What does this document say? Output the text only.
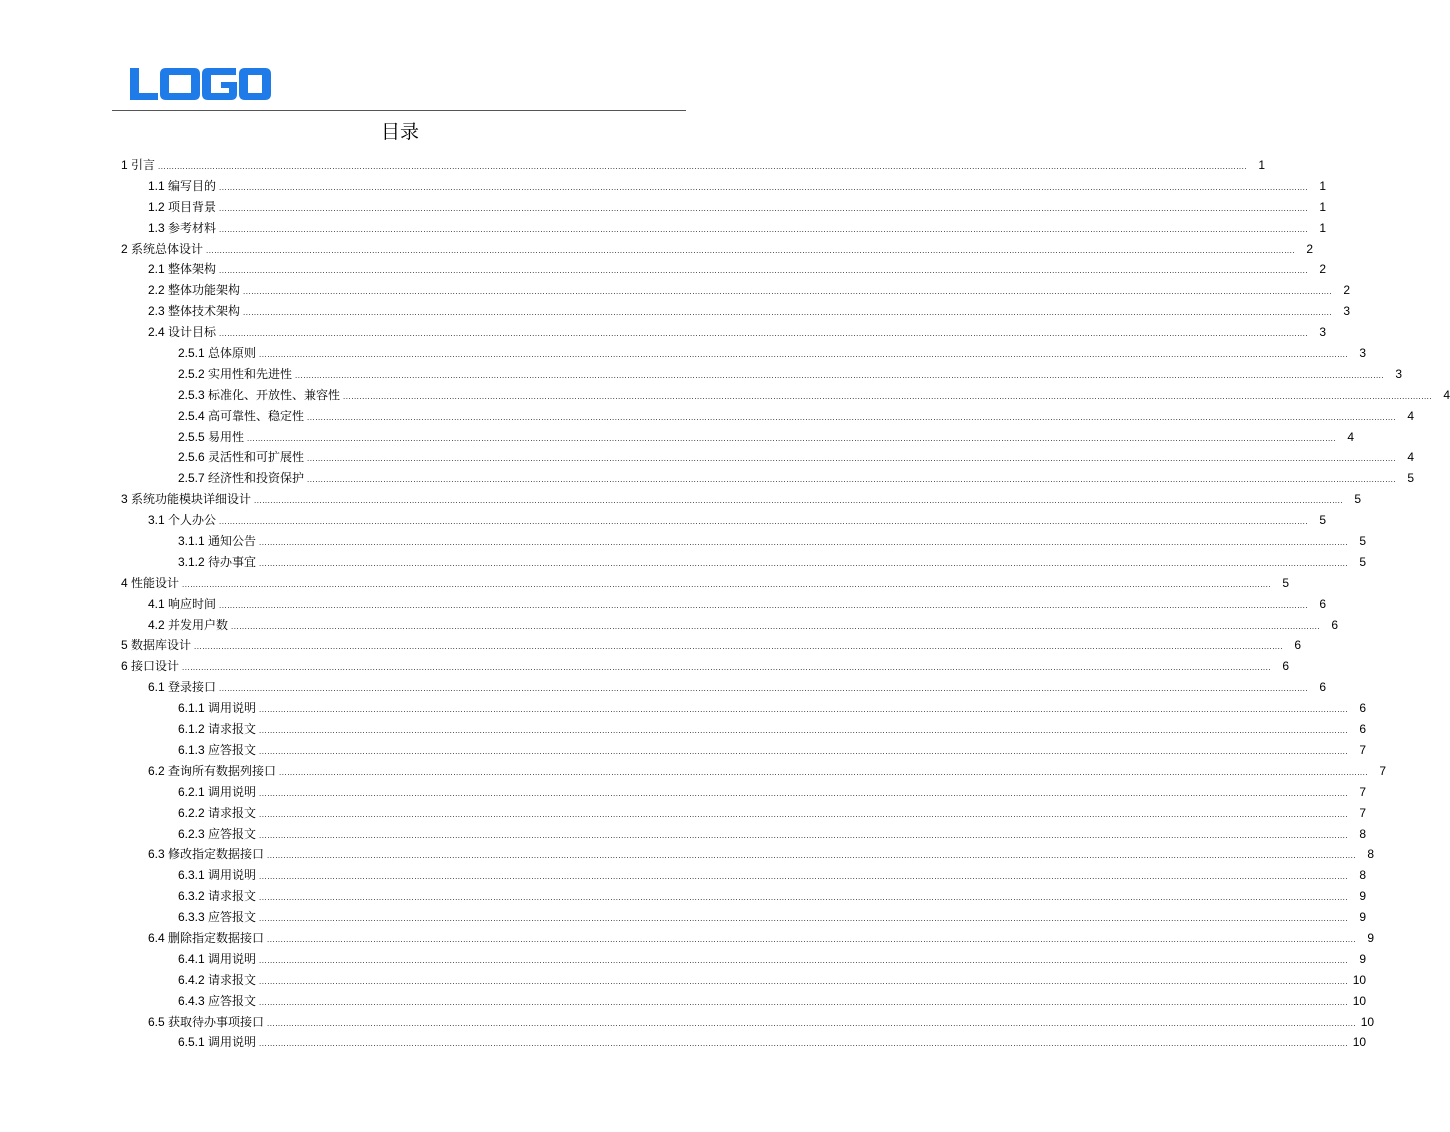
目录
1 引言 ................................................................................................................................................................................................................................................................................................................................................................................................................ 1
1.1 编写目的 ................................................................................................................................................................................................................................................................................................................................................................................................................ 1
1.2 项目背景 ................................................................................................................................................................................................................................................................................................................................................................................................................ 1
1.3 参考材料 ................................................................................................................................................................................................................................................................................................................................................................................................................ 1
2 系统总体设计 ................................................................................................................................................................................................................................................................................................................................................................................................................ 2
2.1 整体架构 ................................................................................................................................................................................................................................................................................................................................................................................................................ 2
2.2 整体功能架构 ................................................................................................................................................................................................................................................................................................................................................................................................................ 2
2.3 整体技术架构 ................................................................................................................................................................................................................................................................................................................................................................................................................ 3
2.4 设计目标 ................................................................................................................................................................................................................................................................................................................................................................................................................ 3
2.5.1 总体原则 ................................................................................................................................................................................................................................................................................................................................................................................................................ 3
2.5.2 实用性和先进性 ................................................................................................................................................................................................................................................................................................................................................................................................................ 3
2.5.3 标准化、开放性、兼容性 ................................................................................................................................................................................................................................................................................................................................................................................................................ 4
2.5.4 高可靠性、稳定性 ................................................................................................................................................................................................................................................................................................................................................................................................................ 4
2.5.5 易用性 ................................................................................................................................................................................................................................................................................................................................................................................................................ 4
2.5.6 灵活性和可扩展性 ................................................................................................................................................................................................................................................................................................................................................................................................................ 4
2.5.7 经济性和投资保护 ................................................................................................................................................................................................................................................................................................................................................................................................................ 5
3 系统功能模块详细设计 ................................................................................................................................................................................................................................................................................................................................................................................................................ 5
3.1 个人办公 ................................................................................................................................................................................................................................................................................................................................................................................................................ 5
3.1.1 通知公告 ................................................................................................................................................................................................................................................................................................................................................................................................................ 5
3.1.2 待办事宜 ................................................................................................................................................................................................................................................................................................................................................................................................................ 5
4 性能设计 ................................................................................................................................................................................................................................................................................................................................................................................................................ 5
4.1 响应时间 ................................................................................................................................................................................................................................................................................................................................................................................................................ 6
4.2 并发用户数 ................................................................................................................................................................................................................................................................................................................................................................................................................ 6
5 数据库设计 ................................................................................................................................................................................................................................................................................................................................................................................................................ 6
6 接口设计 ................................................................................................................................................................................................................................................................................................................................................................................................................ 6
6.1 登录接口 ................................................................................................................................................................................................................................................................................................................................................................................................................ 6
6.1.1 调用说明 ................................................................................................................................................................................................................................................................................................................................................................................................................ 6
6.1.2 请求报文 ................................................................................................................................................................................................................................................................................................................................................................................................................ 6
6.1.3 应答报文 ................................................................................................................................................................................................................................................................................................................................................................................................................ 7
6.2 查询所有数据列接口 ................................................................................................................................................................................................................................................................................................................................................................................................................ 7
6.2.1 调用说明 ................................................................................................................................................................................................................................................................................................................................................................................................................ 7
6.2.2 请求报文 ................................................................................................................................................................................................................................................................................................................................................................................................................ 7
6.2.3 应答报文 ................................................................................................................................................................................................................................................................................................................................................................................................................ 8
6.3 修改指定数据接口 ................................................................................................................................................................................................................................................................................................................................................................................................................ 8
6.3.1 调用说明 ................................................................................................................................................................................................................................................................................................................................................................................................................ 8
6.3.2 请求报文 ................................................................................................................................................................................................................................................................................................................................................................................................................ 9
6.3.3 应答报文 ................................................................................................................................................................................................................................................................................................................................................................................................................ 9
6.4 删除指定数据接口 ................................................................................................................................................................................................................................................................................................................................................................................................................ 9
6.4.1 调用说明 ................................................................................................................................................................................................................................................................................................................................................................................................................ 9
6.4.2 请求报文 ................................................................................................................................................................................................................................................................................................................................................................................................................ 10
6.4.3 应答报文 ................................................................................................................................................................................................................................................................................................................................................................................................................ 10
6.5 获取待办事项接口 ................................................................................................................................................................................................................................................................................................................................................................................................................ 10
6.5.1 调用说明 ................................................................................................................................................................................................................................................................................................................................................................................................................ 10
